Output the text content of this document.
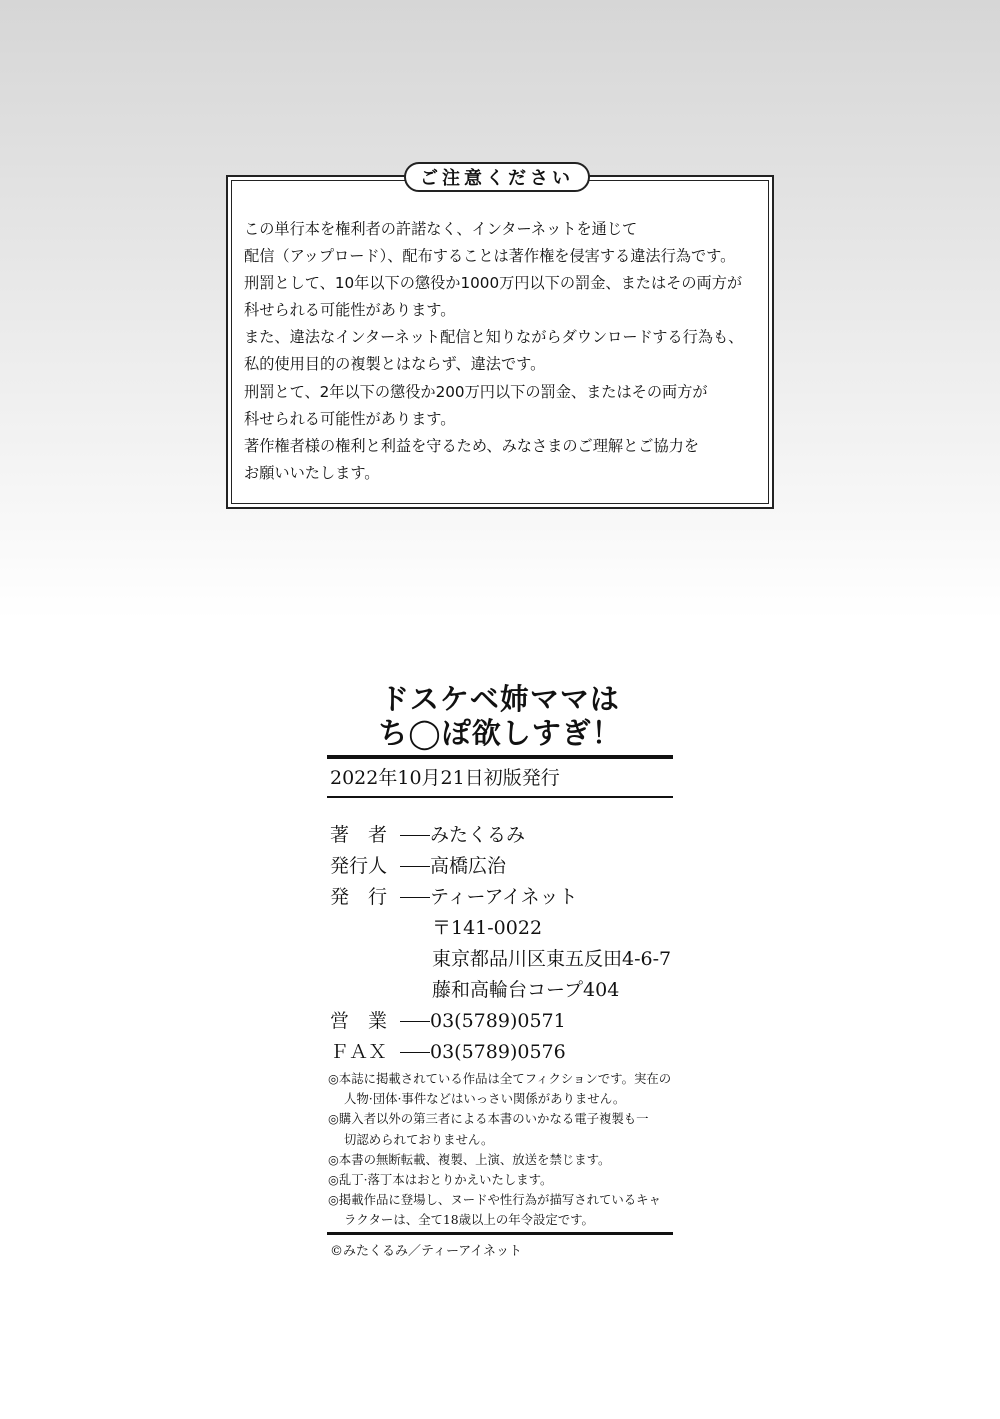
ご注意ください
この単行本を権利者の許諾なく、インターネットを通じて
配信（アップロード）、配布することは著作権を侵害する違法行為です。
刑罰として、10年以下の懲役か1000万円以下の罰金、またはその両方が
科せられる可能性があります。
また、違法なインターネット配信と知りながらダウンロードする行為も、
私的使用目的の複製とはならず、違法です。
刑罰とて、2年以下の懲役か200万円以下の罰金、またはその両方が
科せられる可能性があります。
著作権者様の権利と利益を守るため、みなさまのご理解とご協力を
お願いいたします。
ドスケベ姉ママは
ち◯ぽ欲しすぎ！
2022年10月21日初版発行
著　者	みたくるみ
発行人	高橋広治
発　行	ティーアイネット
〒141-0022
東京都品川区東五反田4-6-7
藤和高輪台コープ404
営　業	03(5789)0571
ＦＡＸ	03(5789)0576
◎本誌に掲載されている作品は全てフィクションです。実在の
人物·団体·事件などはいっさい関係がありません。
◎購入者以外の第三者による本書のいかなる電子複製も一
切認められておりません。
◎本書の無断転載、複製、上演、放送を禁じます。
◎乱丁·落丁本はおとりかえいたします。
◎掲載作品に登場し、ヌードや性行為が描写されているキャ
ラクターは、全て18歳以上の年令設定です。
©みたくるみ／ティーアイネット
